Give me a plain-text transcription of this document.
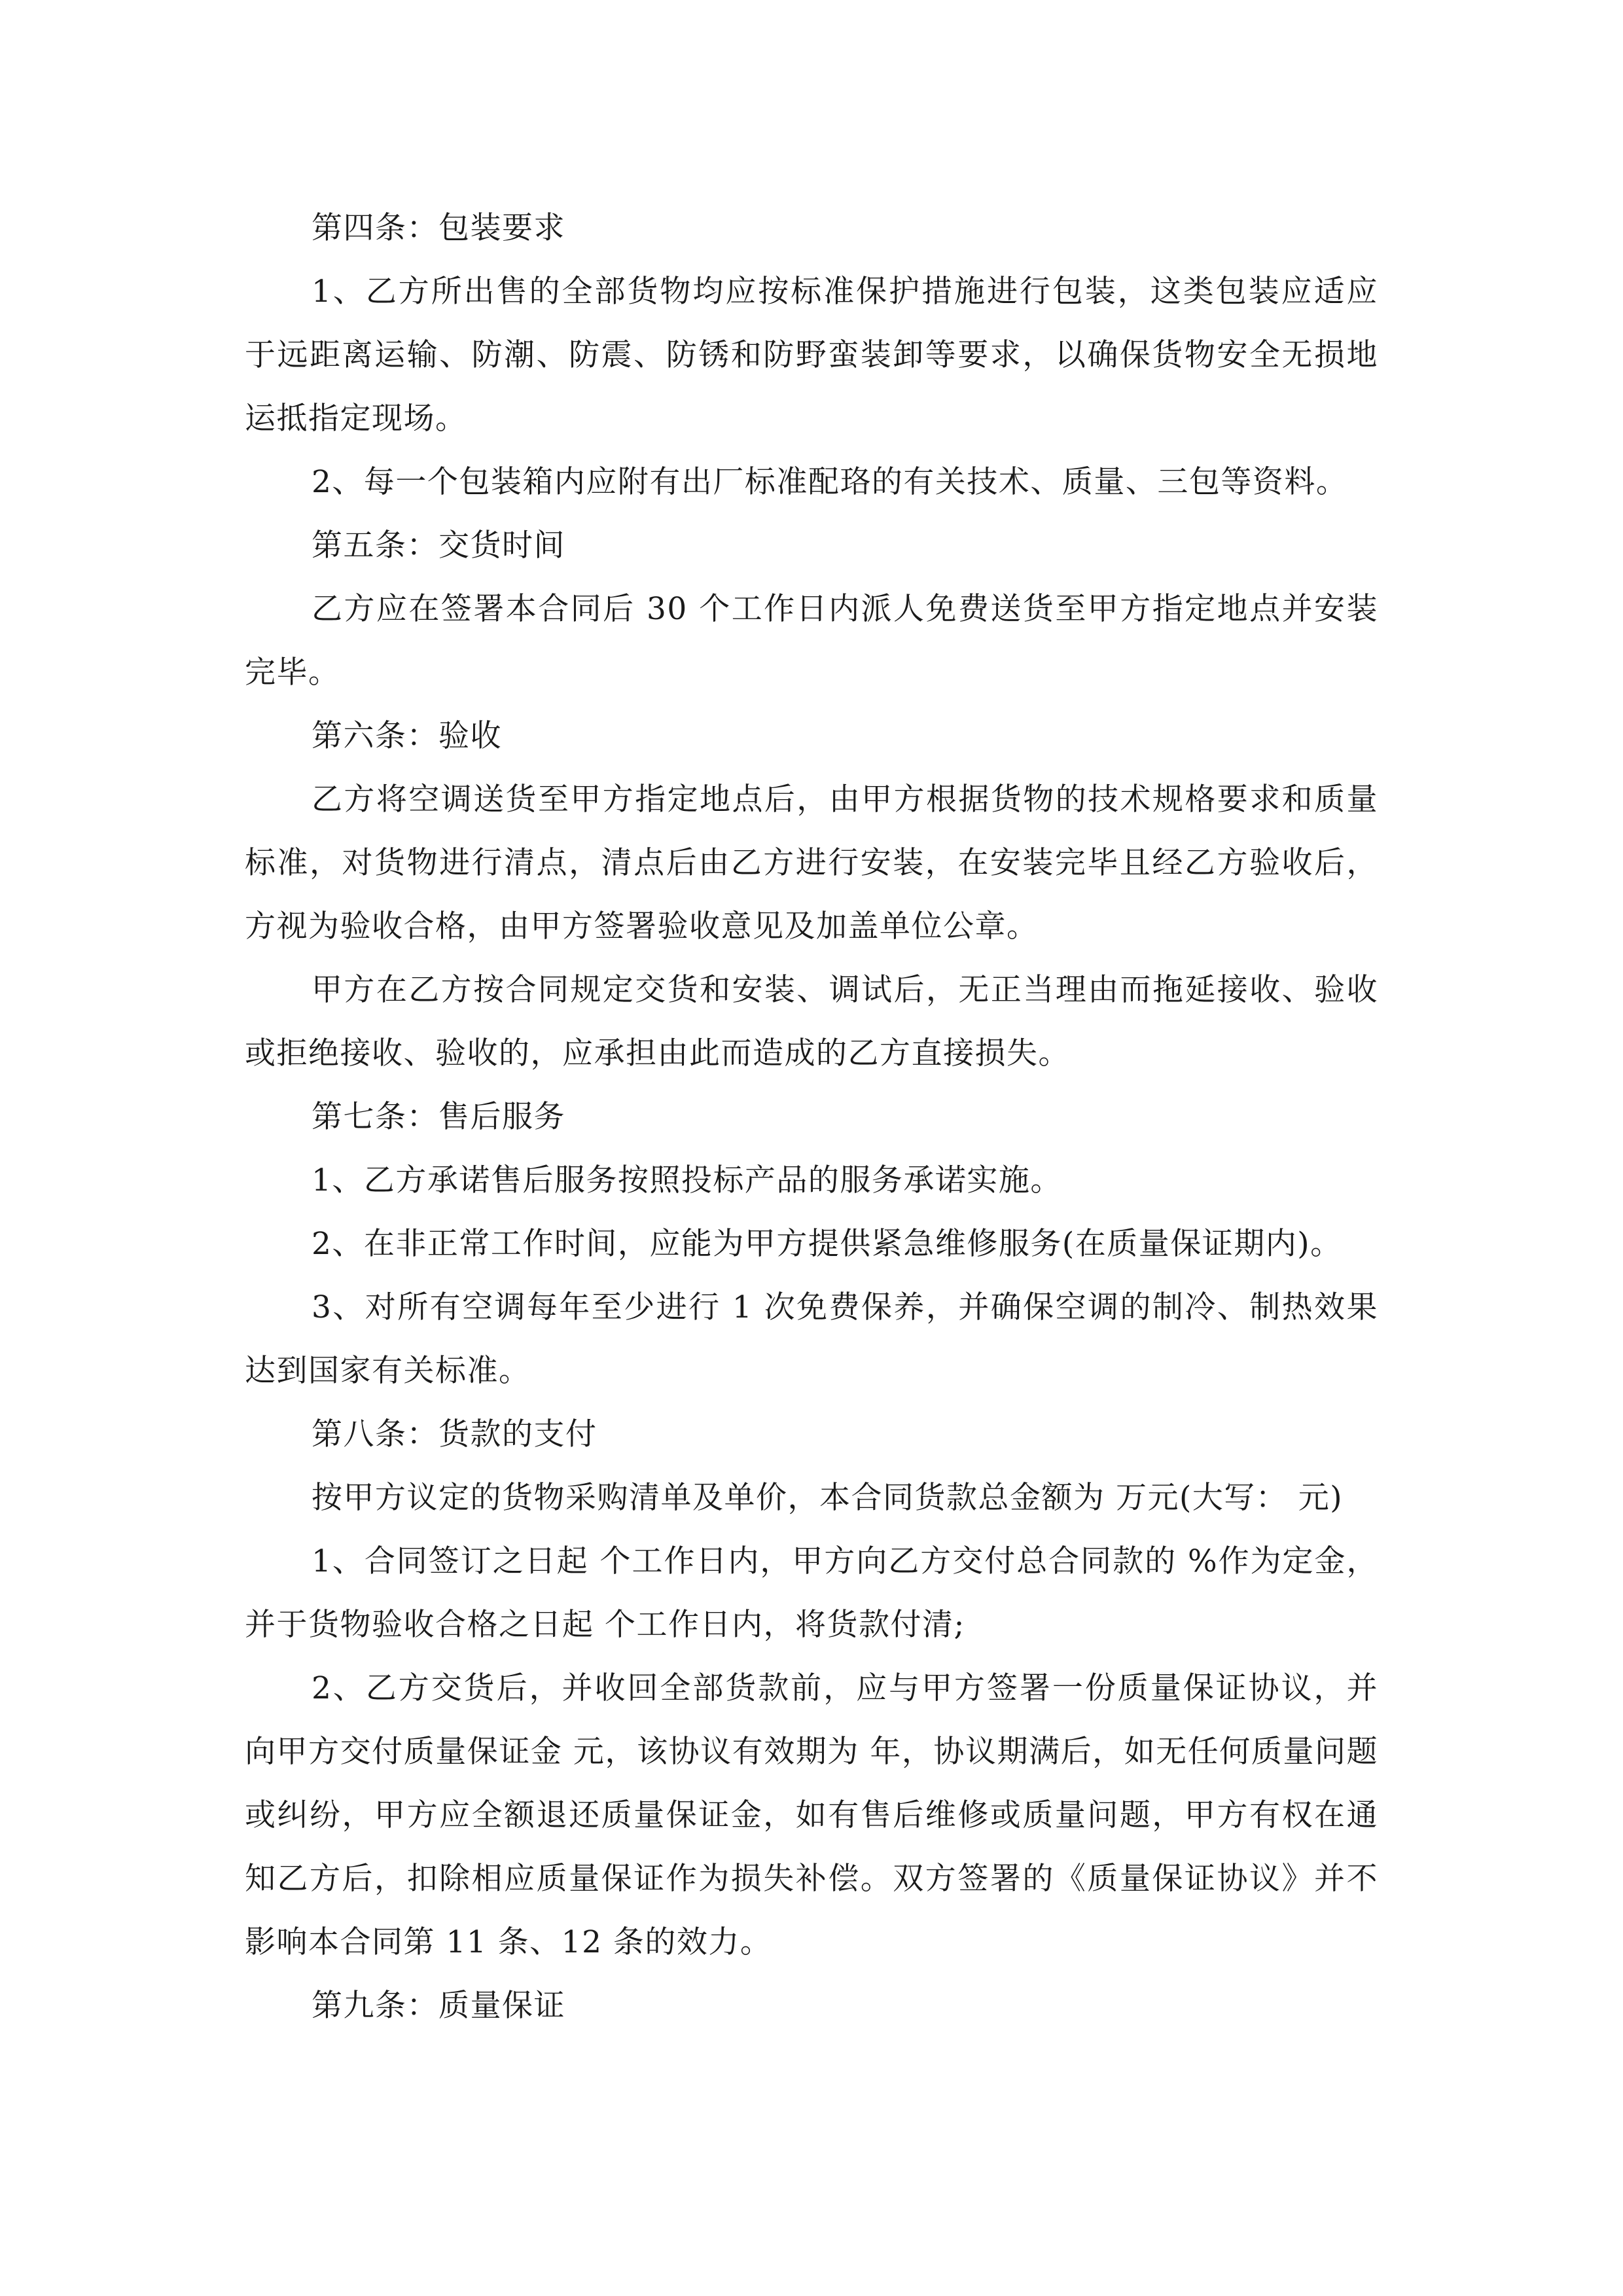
第四条：包装要求

1、乙方所出售的全部货物均应按标准保护措施进行包装，这类包装应适应于远距离运输、防潮、防震、防锈和防野蛮装卸等要求，以确保货物安全无损地运抵指定现场。

2、每一个包装箱内应附有出厂标准配珞的有关技术、质量、三包等资料。

第五条：交货时间

乙方应在签署本合同后 30 个工作日内派人免费送货至甲方指定地点并安装完毕。

第六条：验收

乙方将空调送货至甲方指定地点后，由甲方根据货物的技术规格要求和质量标准，对货物进行清点，清点后由乙方进行安装，在安装完毕且经乙方验收后，方视为验收合格，由甲方签署验收意见及加盖单位公章。

甲方在乙方按合同规定交货和安装、调试后，无正当理由而拖延接收、验收或拒绝接收、验收的，应承担由此而造成的乙方直接损失。

第七条：售后服务

1、乙方承诺售后服务按照投标产品的服务承诺实施。

2、在非正常工作时间，应能为甲方提供紧急维修服务(在质量保证期内)。

3、对所有空调每年至少进行 1 次免费保养，并确保空调的制冷、制热效果达到国家有关标准。

第八条：货款的支付

按甲方议定的货物采购清单及单价，本合同货款总金额为 万元(大写： 元)

1、合同签订之日起 个工作日内，甲方向乙方交付总合同款的 %作为定金，并于货物验收合格之日起 个工作日内，将货款付清;

2、乙方交货后，并收回全部货款前，应与甲方签署一份质量保证协议，并向甲方交付质量保证金 元，该协议有效期为 年，协议期满后，如无任何质量问题或纠纷，甲方应全额退还质量保证金，如有售后维修或质量问题，甲方有权在通知乙方后，扣除相应质量保证作为损失补偿。双方签署的《质量保证协议》并不影响本合同第 11 条、12 条的效力。

第九条：质量保证
